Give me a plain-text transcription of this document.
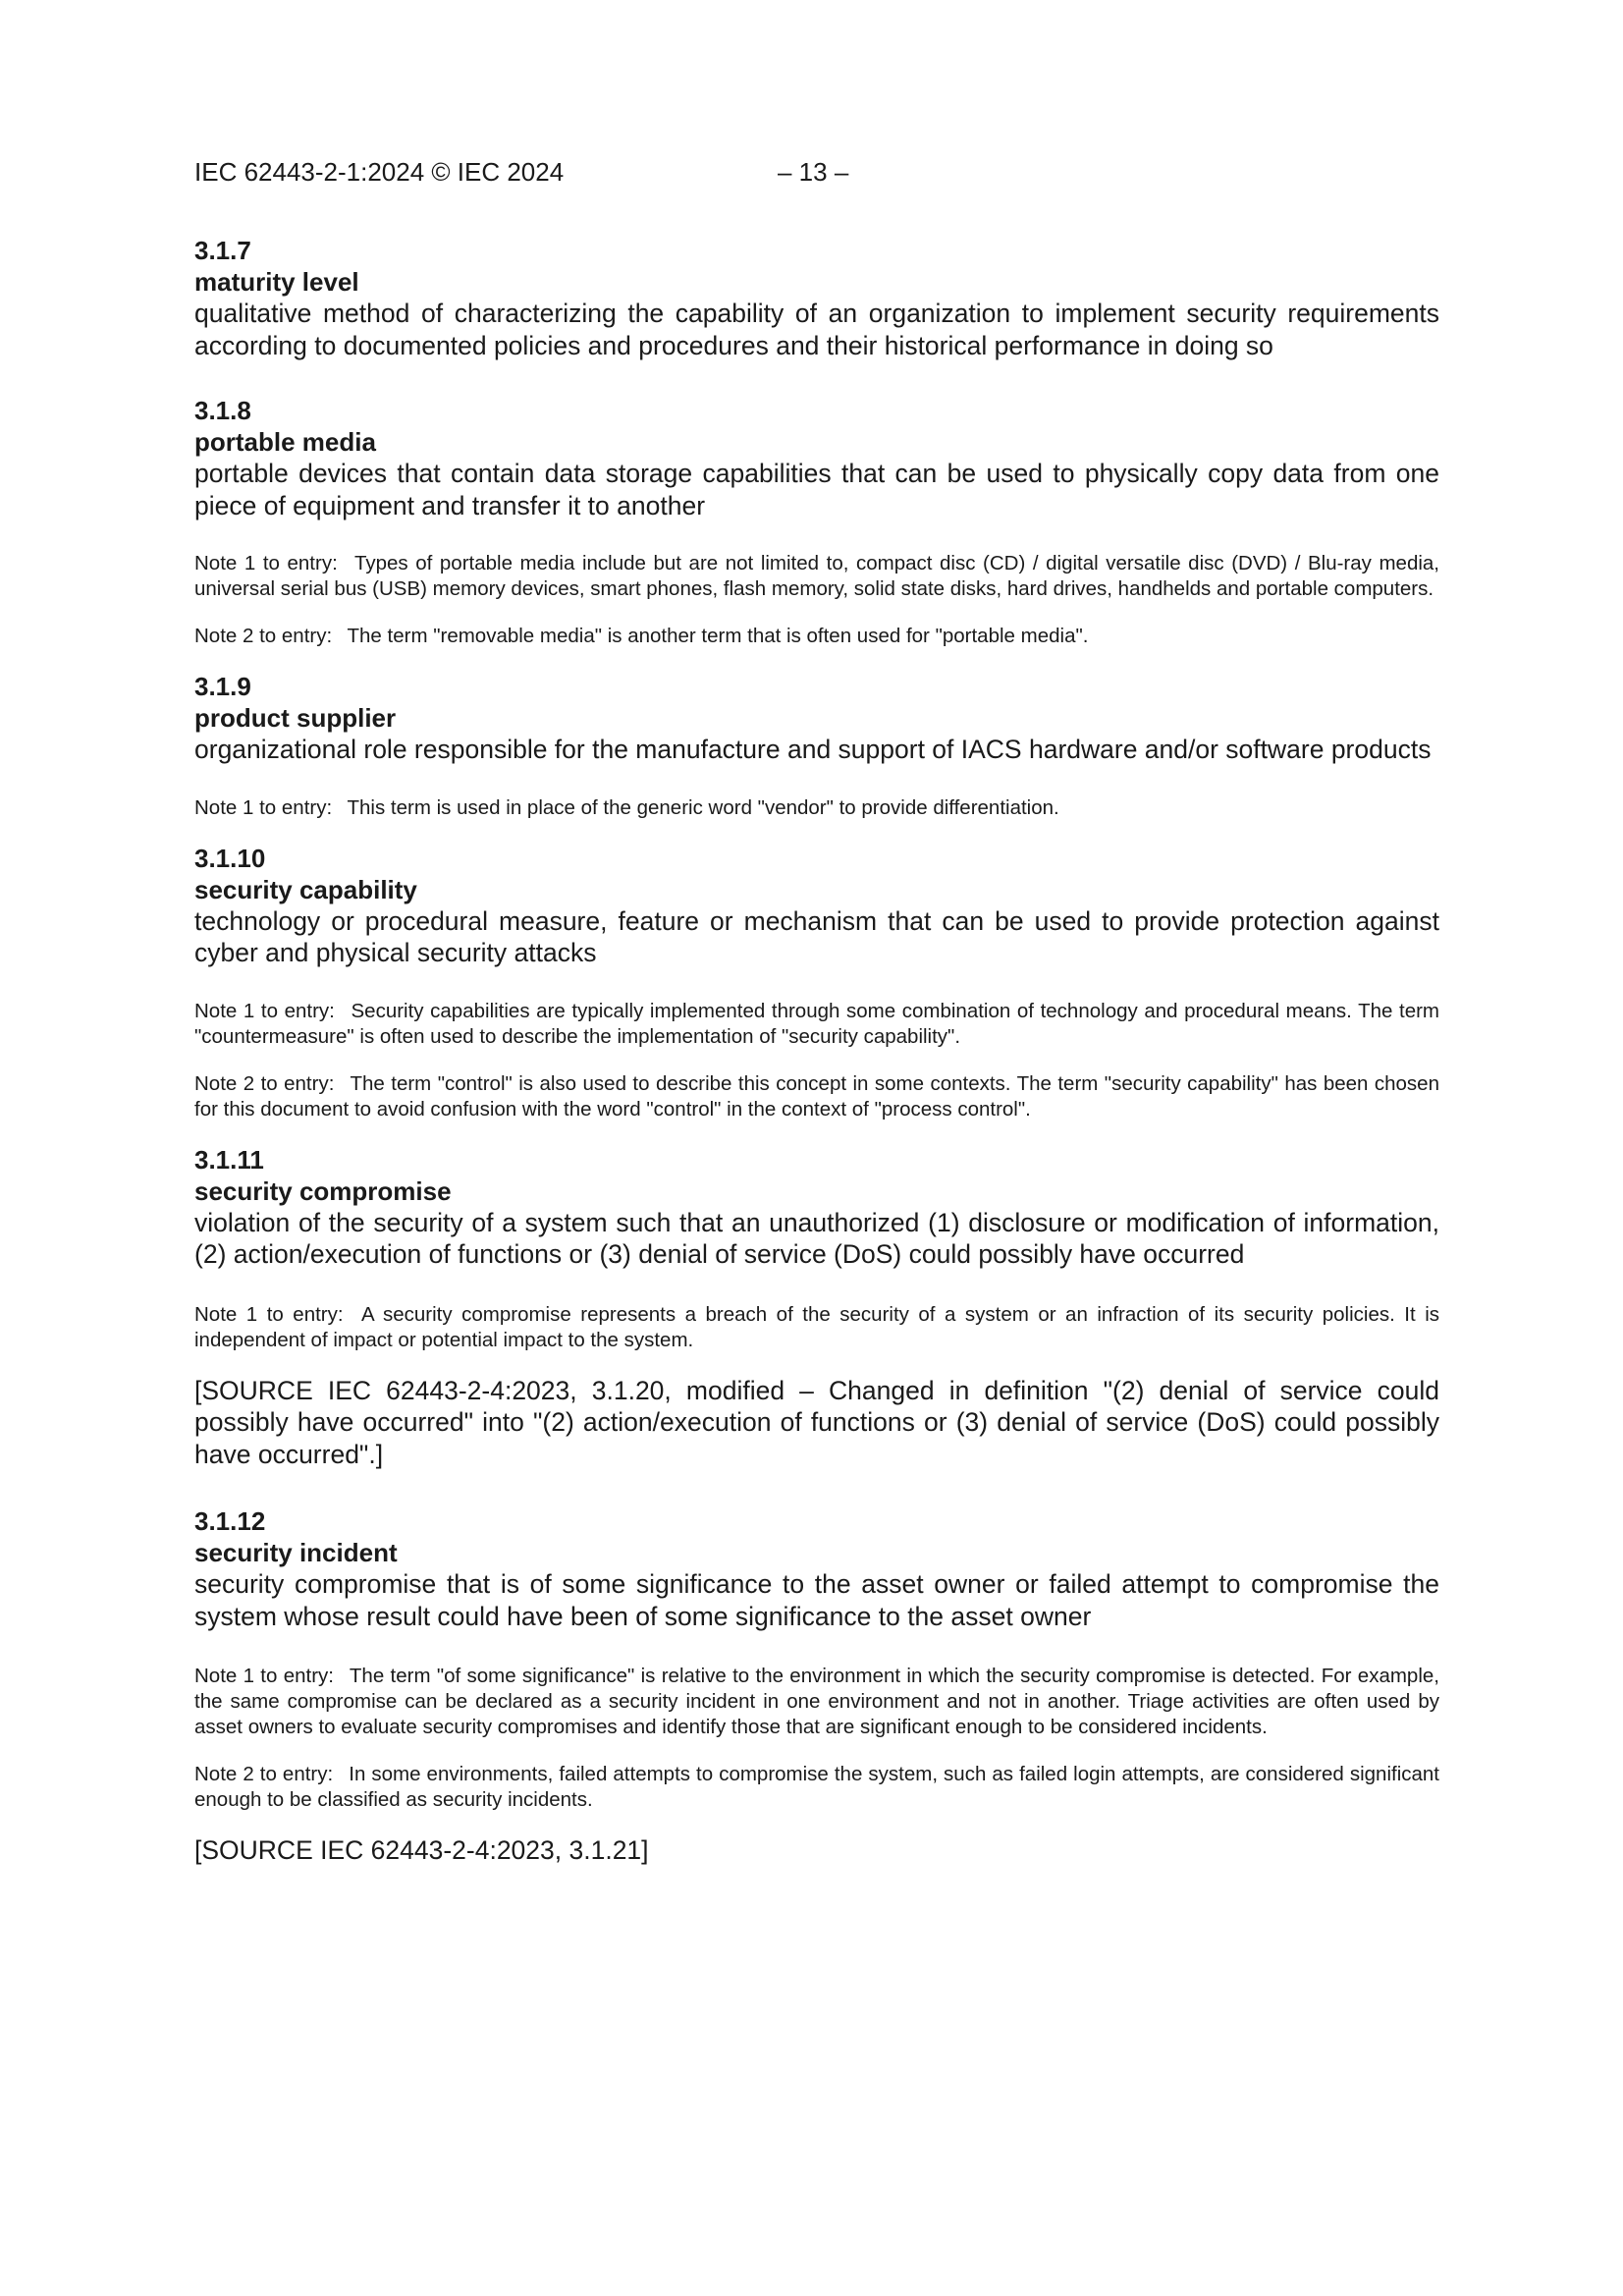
IEC 62443-2-1:2024 © IEC 2024	– 13 –
3.1.7
maturity level
qualitative method of characterizing the capability of an organization to implement security requirements according to documented policies and procedures and their historical performance in doing so
3.1.8
portable media
portable devices that contain data storage capabilities that can be used to physically copy data from one piece of equipment and transfer it to another
Note 1 to entry: Types of portable media include but are not limited to, compact disc (CD) / digital versatile disc (DVD) / Blu-ray media, universal serial bus (USB) memory devices, smart phones, flash memory, solid state disks, hard drives, handhelds and portable computers.
Note 2 to entry: The term "removable media" is another term that is often used for "portable media".
3.1.9
product supplier
organizational role responsible for the manufacture and support of IACS hardware and/or software products
Note 1 to entry: This term is used in place of the generic word "vendor" to provide differentiation.
3.1.10
security capability
technology or procedural measure, feature or mechanism that can be used to provide protection against cyber and physical security attacks
Note 1 to entry: Security capabilities are typically implemented through some combination of technology and procedural means. The term "countermeasure" is often used to describe the implementation of "security capability".
Note 2 to entry: The term "control" is also used to describe this concept in some contexts. The term "security capability" has been chosen for this document to avoid confusion with the word "control" in the context of "process control".
3.1.11
security compromise
violation of the security of a system such that an unauthorized (1) disclosure or modification of information, (2) action/execution of functions or (3) denial of service (DoS) could possibly have occurred
Note 1 to entry: A security compromise represents a breach of the security of a system or an infraction of its security policies. It is independent of impact or potential impact to the system.
[SOURCE IEC 62443-2-4:2023, 3.1.20, modified – Changed in definition "(2) denial of service could possibly have occurred" into "(2) action/execution of functions or (3) denial of service (DoS) could possibly have occurred".]
3.1.12
security incident
security compromise that is of some significance to the asset owner or failed attempt to compromise the system whose result could have been of some significance to the asset owner
Note 1 to entry: The term "of some significance" is relative to the environment in which the security compromise is detected. For example, the same compromise can be declared as a security incident in one environment and not in another. Triage activities are often used by asset owners to evaluate security compromises and identify those that are significant enough to be considered incidents.
Note 2 to entry: In some environments, failed attempts to compromise the system, such as failed login attempts, are considered significant enough to be classified as security incidents.
[SOURCE IEC 62443-2-4:2023, 3.1.21]
